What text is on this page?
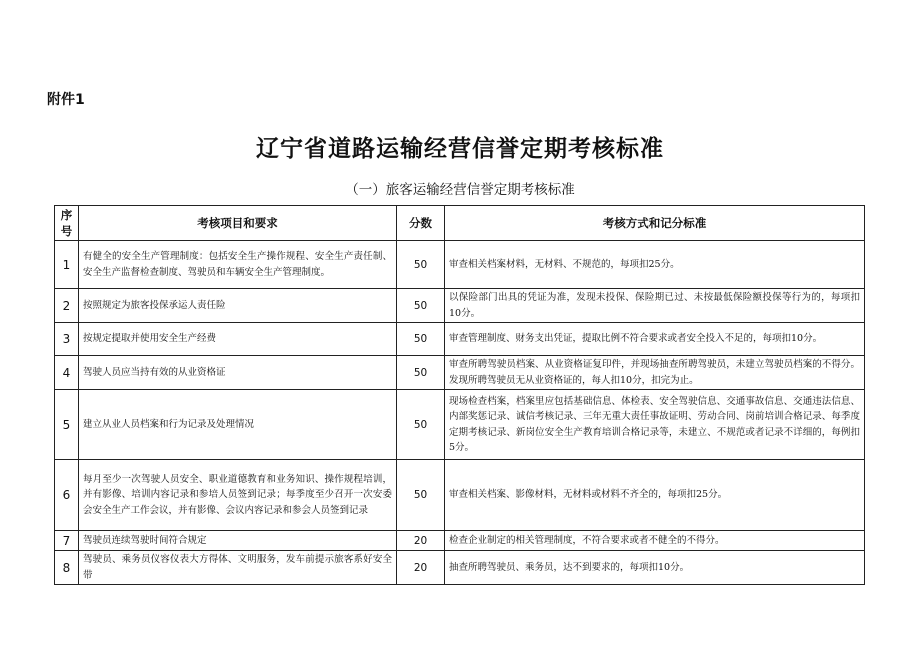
附件1
辽宁省道路运输经营信誉定期考核标准
（一）旅客运输经营信誉定期考核标准
序号	考核项目和要求	分数	考核方式和记分标准
1	有健全的安全生产管理制度：包括安全生产操作规程、安全生产责任制、安全生产监督检查制度、驾驶员和车辆安全生产管理制度。	50	审查相关档案材料，无材料、不规范的，每项扣25分。
2	按照规定为旅客投保承运人责任险	50	以保险部门出具的凭证为准，发现未投保、保险期已过、未按最低保险额投保等行为的，每项扣10分。
3	按规定提取并使用安全生产经费	50	审查管理制度、财务支出凭证，提取比例不符合要求或者安全投入不足的，每项扣10分。
4	驾驶人员应当持有效的从业资格证	50	审查所聘驾驶员档案、从业资格证复印件，并现场抽查所聘驾驶员，未建立驾驶员档案的不得分。发现所聘驾驶员无从业资格证的，每人扣10分，扣完为止。
5	建立从业人员档案和行为记录及处理情况	50	现场检查档案，档案里应包括基础信息、体检表、安全驾驶信息、交通事故信息、交通违法信息、内部奖惩记录、诚信考核记录、三年无重大责任事故证明、劳动合同、岗前培训合格记录、每季度定期考核记录、新岗位安全生产教育培训合格记录等，未建立、不规范或者记录不详细的，每例扣5分。
6	每月至少一次驾驶人员安全、职业道德教育和业务知识、操作规程培训，并有影像、培训内容记录和参培人员签到记录；每季度至少召开一次安委会安全生产工作会议，并有影像、会议内容记录和参会人员签到记录	50	审查相关档案、影像材料，无材料或材料不齐全的，每项扣25分。
7	驾驶员连续驾驶时间符合规定	20	检查企业制定的相关管理制度，不符合要求或者不健全的不得分。
8	驾驶员、乘务员仪容仪表大方得体、文明服务，发车前提示旅客系好安全带	20	抽查所聘驾驶员、乘务员，达不到要求的，每项扣10分。
